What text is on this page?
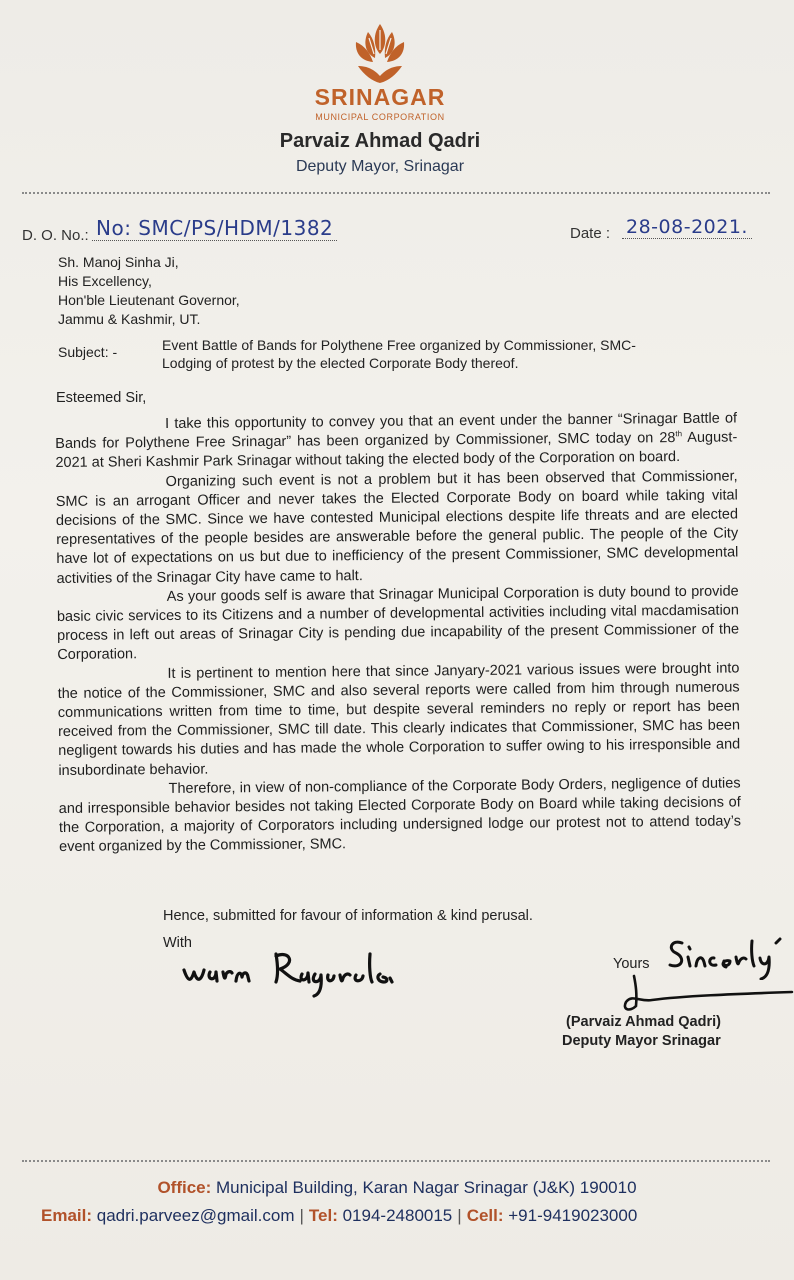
SRINAGAR
MUNICIPAL CORPORATION
Parvaiz Ahmad Qadri
Deputy Mayor, Srinagar
D. O. No.: No: SMC/PS/HDM/1382	Date : 28-08-2021.
Sh. Manoj Sinha Ji,
His Excellency,
Hon'ble Lieutenant Governor,
Jammu & Kashmir, UT.
Subject: -	Event Battle of Bands for Polythene Free organized by Commissioner, SMC-
Lodging of protest by the elected Corporate Body thereof.
Esteemed Sir,

I take this opportunity to convey you that an event under the banner “Srinagar Battle of Bands for Polythene Free Srinagar” has been organized by Commissioner, SMC today on 28th August-2021 at Sheri Kashmir Park Srinagar without taking the elected body of the Corporation on board.

Organizing such event is not a problem but it has been observed that Commissioner, SMC is an arrogant Officer and never takes the Elected Corporate Body on board while taking vital decisions of the SMC. Since we have contested Municipal elections despite life threats and are elected representatives of the people besides are answerable before the general public. The people of the City have lot of expectations on us but due to inefficiency of the present Commissioner, SMC developmental activities of the Srinagar City have came to halt.

As your goods self is aware that Srinagar Municipal Corporation is duty bound to provide basic civic services to its Citizens and a number of developmental activities including vital macdamisation process in left out areas of Srinagar City is pending due incapability of the present Commissioner of the Corporation.

It is pertinent to mention here that since Janyary-2021 various issues were brought into the notice of the Commissioner, SMC and also several reports were called from him through numerous communications written from time to time, but despite several reminders no reply or report has been received from the Commissioner, SMC till date. This clearly indicates that Commissioner, SMC has been negligent towards his duties and has made the whole Corporation to suffer owing to his irresponsible and insubordinate behavior.

Therefore, in view of non-compliance of the Corporate Body Orders, negligence of duties and irresponsible behavior besides not taking Elected Corporate Body on Board while taking decisions of the Corporation, a majority of Corporators including undersigned lodge our protest not to attend today’s event organized by the Commissioner, SMC.

Hence, submitted for favour of information & kind perusal.
With
Yours
(Parvaiz Ahmad Qadri)
Deputy Mayor Srinagar
Office: Municipal Building, Karan Nagar Srinagar (J&K) 190010
Email: qadri.parveez@gmail.com | Tel: 0194-2480015 | Cell: +91-9419023000
